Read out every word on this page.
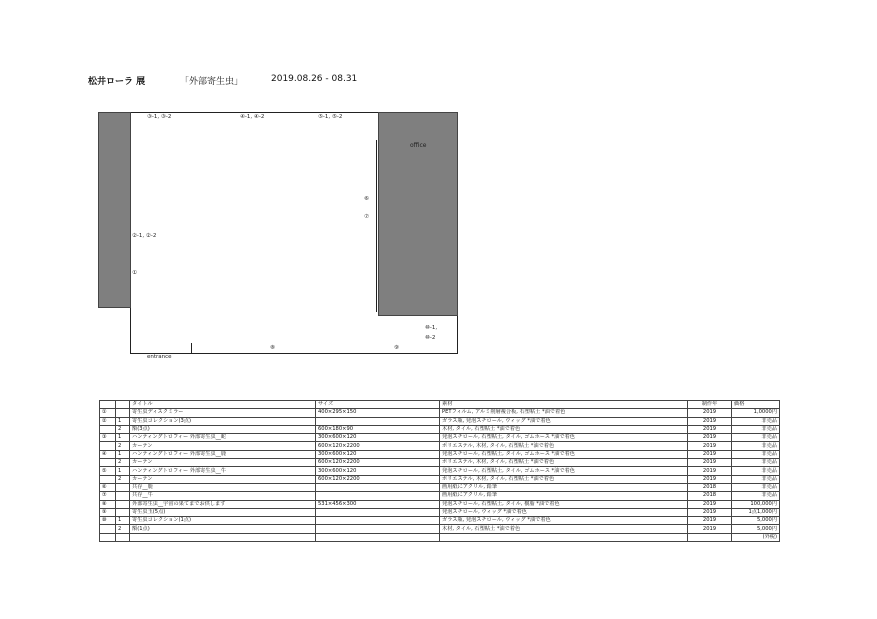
松井ローラ 展	「外部寄生虫」	2019.08.26 - 08.31
③-1, ③-2	④-1, ④-2	⑤-1, ⑤-2
②-1, ②-2
①
⑥
⑦
⑧	⑨
⑩-1,
⑩-2
office
entrance
		タイトル	サイズ	素材	制作年	価格
①		寄生虫ディスクミラー	400×295×150	PETフィルム, アルミ削層複合板, 石塑粘土 *油で着色	2019	1,0000円
②	1	寄生虫コレクション(3点)		ガラス瓶, 発泡スチロール, ウィッグ *油で着色	2019	非売品
	2	額(3点)	600×180×90	木材, タイル, 石塑粘土 *油で着色	2019	非売品
③	1	ハンティングトロフィー 外部寄生虫__蛇	300×600×120	発泡スチロール, 石塑粘土, タイル, ゴムホース *油で着色	2019	非売品
	2	カーテン	600×120×2200	ポリエステル, 木材, タイル, 石塑粘土 *油で着色	2019	非売品
④	1	ハンティングトロフィー 外部寄生虫__鹿	300×600×120	発泡スチロール, 石塑粘土, タイル, ゴムホース *油で着色	2019	非売品
	2	カーテン	600×120×2200	ポリエステル, 木材, タイル, 石塑粘土 *油で着色	2019	非売品
⑤	1	ハンティングトロフィー 外部寄生虫__牛	300×600×120	発泡スチロール, 石塑粘土, タイル, ゴムホース *油で着色	2019	非売品
	2	カーテン	600×120×2200	ポリエステル, 木材, タイル, 石塑粘土 *油で着色	2019	非売品
⑥		共存__鹿		画用紙にアクリル, 鉛筆	2018	非売品
⑦		共存__牛		画用紙にアクリル, 鉛筆	2018	非売品
⑧		外部寄生虫__宇宙の果てまでお供します	531×456×300	発泡スチロール, 石塑粘土, タイル, 樹脂 *油で着色	2019	100,000円
⑨		寄生虫玉(5点)		発泡スチロール, ウィッグ *油で着色	2019	1点1,000円
⑩	1	寄生虫コレクション(1点)		ガラス瓶, 発泡スチロール, ウィッグ *油で着色	2019	5,000円
	2	額(1点)		木材, タイル, 石塑粘土 *油で着色	2019	5,000円
						(外税)
